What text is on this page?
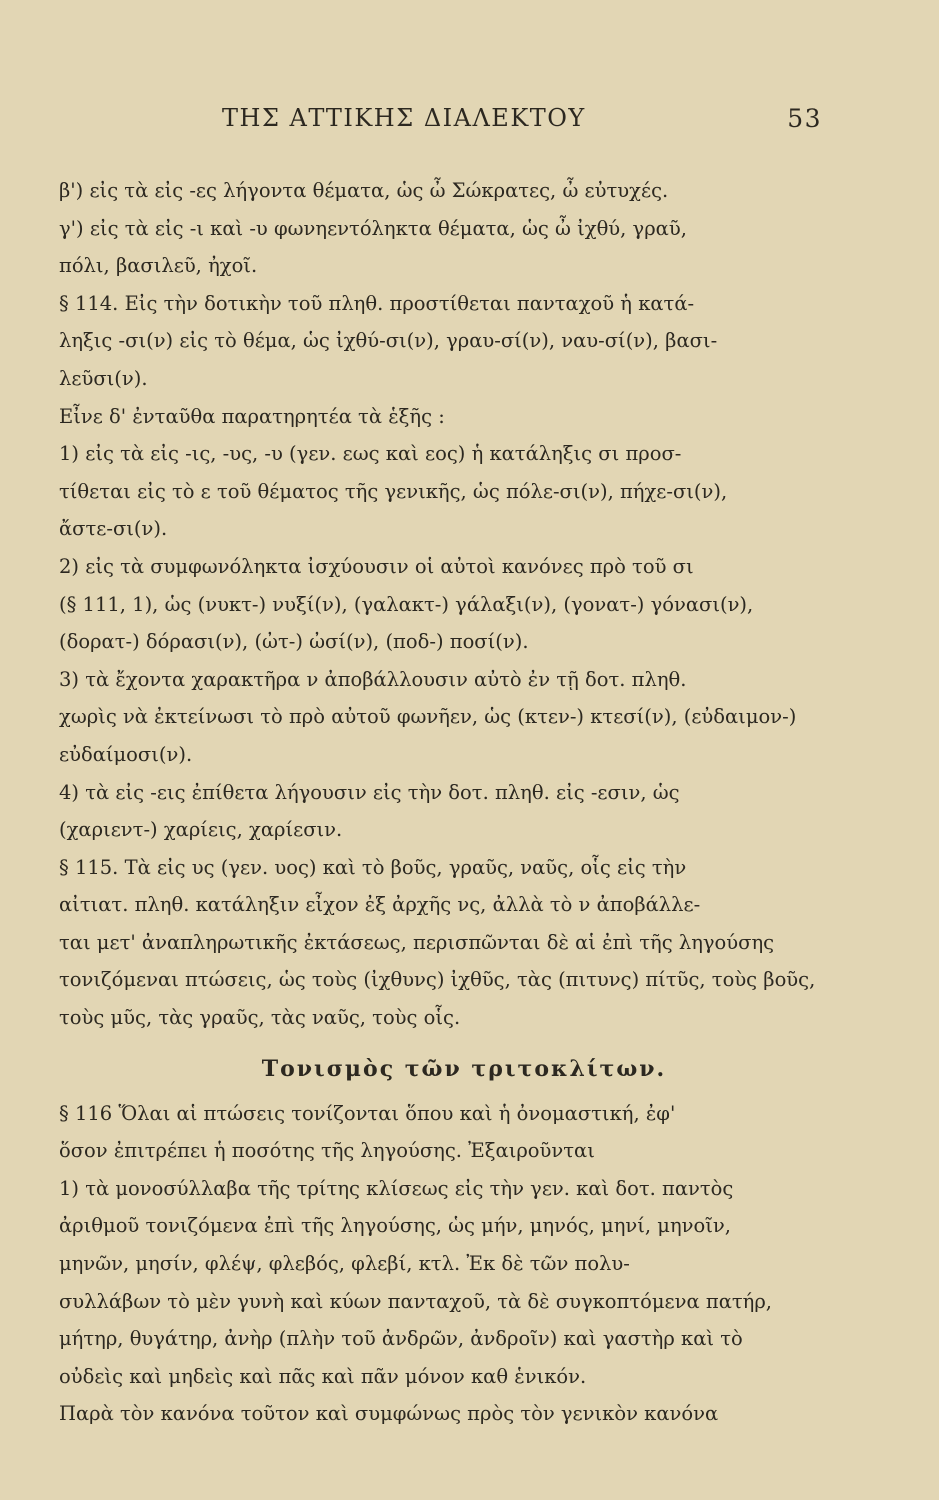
ΤΗΣ ΑΤΤΙΚΗΣ ΔΙΑΛΕΚΤΟΥ	53
β') εἰς τὰ εἰς -ες λήγοντα θέματα, ὡς ὦ Σώκρατες, ὦ εὐτυχές.
γ') εἰς τὰ εἰς -ι καὶ -υ φωνηεντόληκτα θέματα, ὡς ὦ ἰχθύ, γραῦ,
πόλι, βασιλεῦ, ἠχοῖ.
§ 114. Εἰς τὴν δοτικὴν τοῦ πληθ. προστίθεται πανταχοῦ ἡ κατά-
ληξις -σι(ν) εἰς τὸ θέμα, ὡς ἰχθύ-σι(ν), γραυ-σί(ν), ναυ-σί(ν), βασι-
λεῦσι(ν).
Εἶνε δ' ἐνταῦθα παρατηρητέα τὰ ἑξῆς :
1) εἰς τὰ εἰς -ις, -υς, -υ (γεν. εως καὶ εος) ἡ κατάληξις σι προσ-
τίθεται εἰς τὸ ε τοῦ θέματος τῆς γενικῆς, ὡς πόλε-σι(ν), πήχε-σι(ν),
ἄστε-σι(ν).
2) εἰς τὰ συμφωνόληκτα ἰσχύουσιν οἱ αὐτοὶ κανόνες πρὸ τοῦ σι
(§ 111, 1), ὡς (νυκτ-) νυξί(ν), (γαλακτ-) γάλαξι(ν), (γονατ-) γόνασι(ν),
(δορατ-) δόρασι(ν), (ὠτ-) ὠσί(ν), (ποδ-) ποσί(ν).
3) τὰ ἔχοντα χαρακτῆρα ν ἀποβάλλουσιν αὐτὸ ἐν τῇ δοτ. πληθ.
χωρὶς νὰ ἐκτείνωσι τὸ πρὸ αὐτοῦ φωνῆεν, ὡς (κτεν-) κτεσί(ν), (εὐδαιμον-)
εὐδαίμοσι(ν).
4) τὰ εἰς -εις ἐπίθετα λήγουσιν εἰς τὴν δοτ. πληθ. εἰς -εσιν, ὡς
(χαριεντ-) χαρίεις, χαρίεσιν.
§ 115. Τὰ εἰς υς (γεν. υος) καὶ τὸ βοῦς, γραῦς, ναῦς, οἷς εἰς τὴν
αἰτιατ. πληθ. κατάληξιν εἶχον ἐξ ἀρχῆς νς, ἀλλὰ τὸ ν ἀποβάλλε-
ται μετ' ἀναπληρωτικῆς ἐκτάσεως, περισπῶνται δὲ αἱ ἐπὶ τῆς ληγούσης
τονιζόμεναι πτώσεις, ὡς τοὺς (ἰχθυνς) ἰχθῦς, τὰς (πιτυνς) πίτῦς, τοὺς βοῦς,
τοὺς μῦς, τὰς γραῦς, τὰς ναῦς, τοὺς οἷς.
Τονισμὸς τῶν τριτοκλίτων.
§ 116 Ὅλαι αἱ πτώσεις τονίζονται ὅπου καὶ ἡ ὀνομαστική, ἐφ'
ὅσον ἐπιτρέπει ἡ ποσότης τῆς ληγούσης. Ἐξαιροῦνται
1) τὰ μονοσύλλαβα τῆς τρίτης κλίσεως εἰς τὴν γεν. καὶ δοτ. παντὸς
ἀριθμοῦ τονιζόμενα ἐπὶ τῆς ληγούσης, ὡς μήν, μηνός, μηνί, μηνοῖν,
μηνῶν, μησίν, φλέψ, φλεβός, φλεβί, κτλ. Ἐκ δὲ τῶν πολυ-
συλλάβων τὸ μὲν γυνὴ καὶ κύων πανταχοῦ, τὰ δὲ συγκοπτόμενα πατήρ,
μήτηρ, θυγάτηρ, ἀνὴρ (πλὴν τοῦ ἀνδρῶν, ἀνδροῖν) καὶ γαστὴρ καὶ τὸ
οὐδεὶς καὶ μηδεὶς καὶ πᾶς καὶ πᾶν μόνον καθ ἑνικόν.
Παρὰ τὸν κανόνα τοῦτον καὶ συμφώνως πρὸς τὸν γενικὸν κανόνα
